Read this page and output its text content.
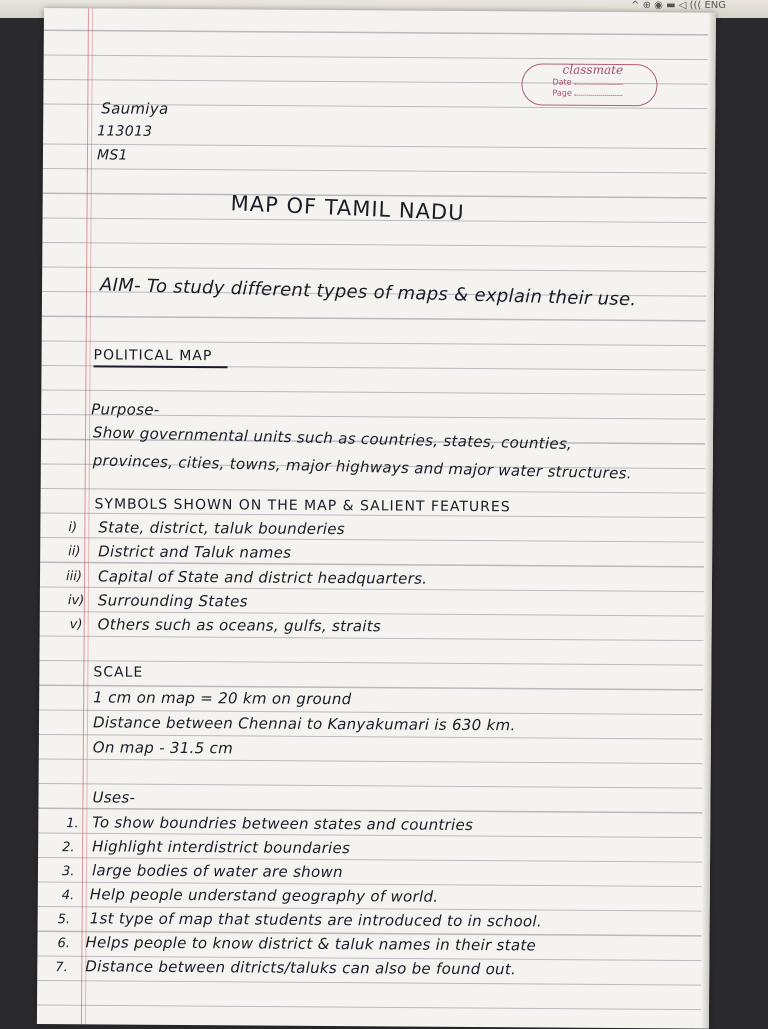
^ ⊕ ◉ ▬ ◁ ((( ENG
classmate
Date
Page
Saumiya
113013
MS1
MAP OF TAMIL NADU
AIM- To study different types of maps & explain their use.
POLITICAL MAP
Purpose-
Show governmental units such as countries, states, counties,
provinces, cities, towns, major highways and major water structures.
SYMBOLS SHOWN ON THE MAP & SALIENT FEATURES
i) State, district, taluk bounderies
ii) District and Taluk names
iii) Capital of State and district headquarters.
iv) Surrounding States
v) Others such as oceans, gulfs, straits
SCALE
1 cm on map = 20 km on ground
Distance between Chennai to Kanyakumari is 630 km.
On map - 31.5 cm
Uses-
1. To show boundries between states and countries
2. Highlight interdistrict boundaries
3. large bodies of water are shown
4. Help people understand geography of world.
5. 1st type of map that students are introduced to in school.
6. Helps people to know district & taluk names in their state
7. Distance between ditricts/taluks can also be found out.
